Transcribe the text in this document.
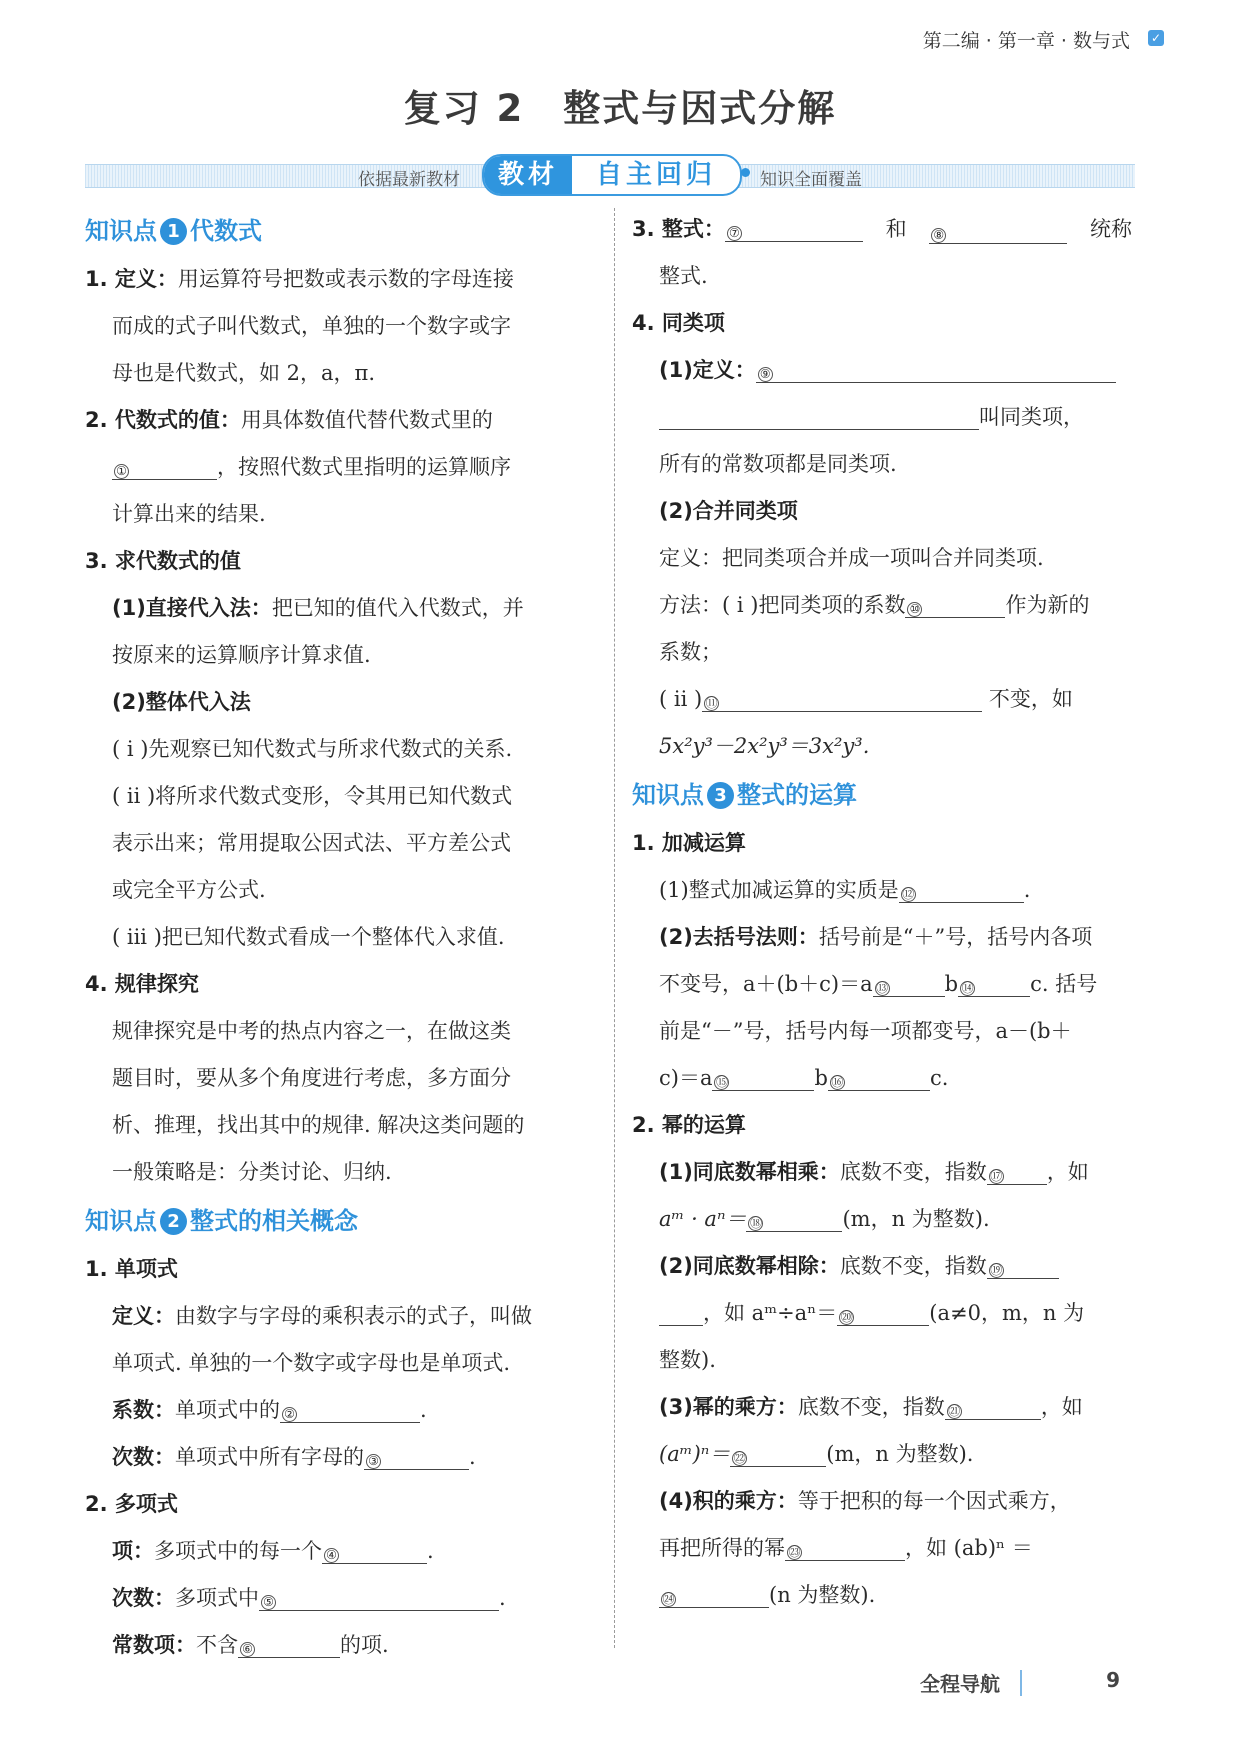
第二编 · 第一章 · 数与式 ✓
复习 2　整式与因式分解
依据最新教材	教材	自主回归	知识全面覆盖
知识点 1 代数式
1. 定义：用运算符号把数或表示数的字母连接
而成的式子叫代数式，单独的一个数字或字
母也是代数式，如 2，a，π.
2. 代数式的值：用具体数值代替代数式里的
①	，按照代数式里指明的运算顺序
计算出来的结果.
3. 求代数式的值
(1)直接代入法：把已知的值代入代数式，并
按原来的运算顺序计算求值.
(2)整体代入法
( i )先观察已知代数式与所求代数式的关系.
( ii )将所求代数式变形，令其用已知代数式
表示出来；常用提取公因式法、平方差公式
或完全平方公式.
( iii )把已知代数式看成一个整体代入求值.
4. 规律探究
规律探究是中考的热点内容之一，在做这类
题目时，要从多个角度进行考虑，多方面分
析、推理，找出其中的规律. 解决这类问题的
一般策略是：分类讨论、归纳.
知识点 2 整式的相关概念
1. 单项式
定义：由数字与字母的乘积表示的式子，叫做
单项式. 单独的一个数字或字母也是单项式.
系数：单项式中的 ②	.
次数：单项式中所有字母的 ③	.
2. 多项式
项：多项式中的每一个 ④	.
次数：多项式中 ⑤	.
常数项：不含 ⑥	的项.
3. 整式： ⑦	和 ⑧	统称
整式.
4. 同类项
(1)定义： ⑨
叫同类项，
所有的常数项都是同类项.
(2)合并同类项
定义：把同类项合并成一项叫合并同类项.
方法：( i )把同类项的系数 ⑩	作为新的
系数；
( ii ) ⑪	不变，如
5x²y³－2x²y³＝3x²y³.
知识点 3 整式的运算
1. 加减运算
(1)整式加减运算的实质是 ⑫	.
(2)去括号法则：括号前是“＋”号，括号内各项
不变号，a＋(b＋c)＝a ⑬	b ⑭	c. 括号
前是“－”号，括号内每一项都变号，a－(b＋
c)＝a ⑮	b ⑯	c.
2. 幂的运算
(1)同底数幂相乘：底数不变，指数 ⑰ ，如
aᵐ · aⁿ＝ ⑱	(m，n 为整数).
(2)同底数幂相除：底数不变，指数 ⑲
，如 aᵐ÷aⁿ＝ ⑳	(a≠0，m，n 为
整数).
(3)幂的乘方：底数不变，指数 ㉑	，如
(aᵐ)ⁿ＝ ㉒	(m，n 为整数).
(4)积的乘方：等于把积的每一个因式乘方，
再把所得的幂 ㉓	，如 (ab)ⁿ ＝
㉔	(n 为整数).
全程导航	9
